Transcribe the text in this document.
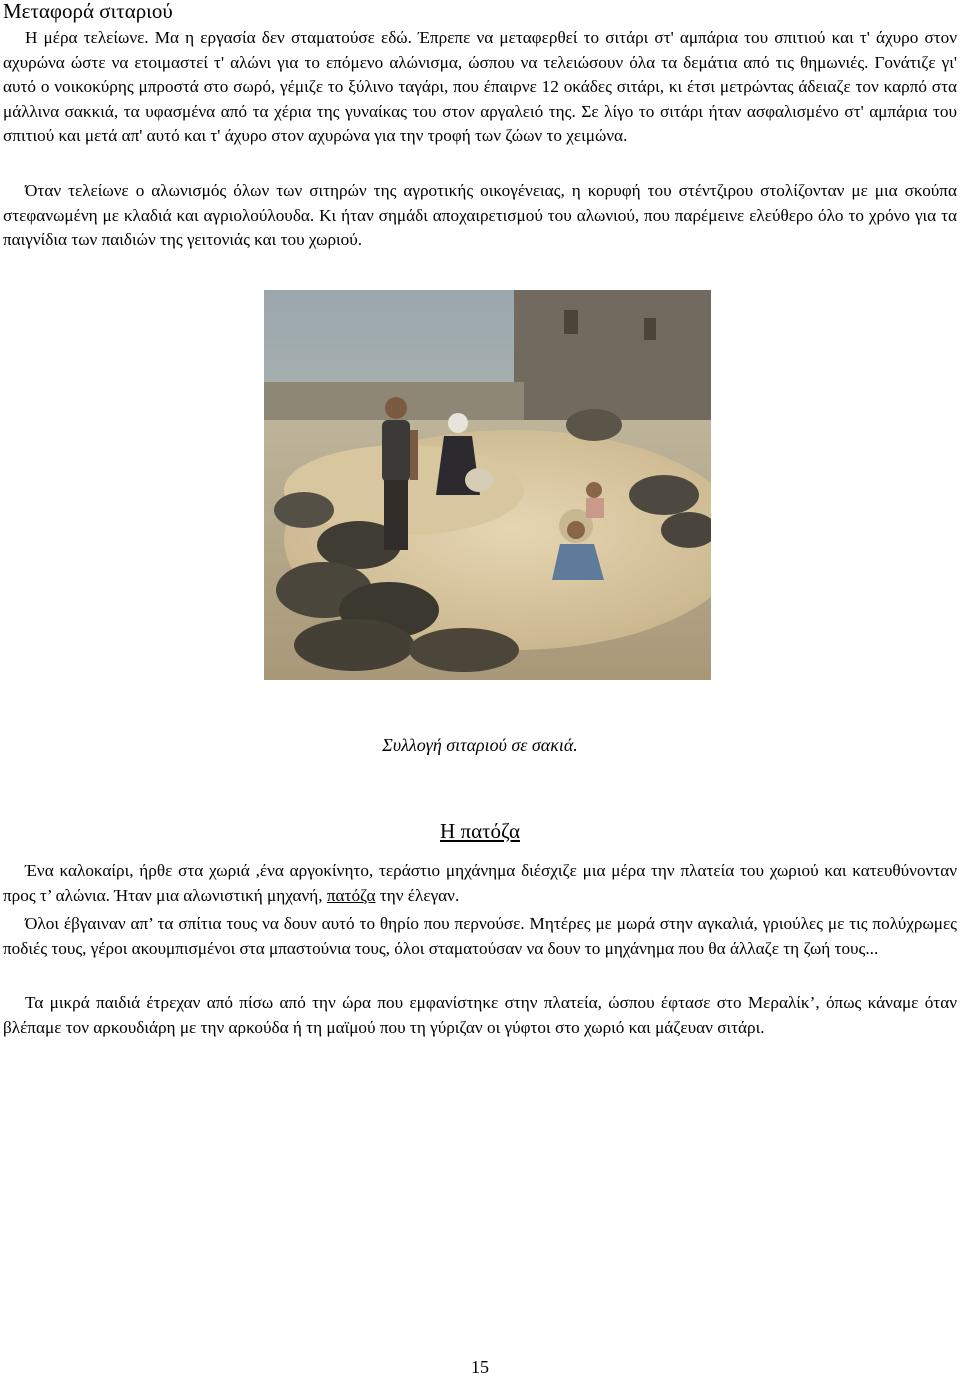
Μεταφορά σιταριού

Η μέρα τελείωνε. Μα η εργασία δεν σταματούσε εδώ. Έπρεπε να μεταφερθεί το σιτάρι στ' αμπάρια του σπιτιού και τ' άχυρο στον αχυρώνα ώστε να ετοιμαστεί τ' αλώνι για το επόμενο αλώνισμα, ώσπου να τελειώσουν όλα τα δεμάτια από τις θημωνιές. Γονάτιζε γι' αυτό ο νοικοκύρης μπροστά στο σωρό, γέμιζε το ξύλινο ταγάρι, που έπαιρνε 12 οκάδες σιτάρι, κι έτσι μετρώντας άδειαζε τον καρπό στα μάλλινα σακκιά, τα υφασμένα από τα χέρια της γυναίκας του στον αργαλειό της. Σε λίγο το σιτάρι ήταν ασφαλισμένο στ' αμπάρια του σπιτιού και μετά απ' αυτό και τ' άχυρο στον αχυρώνα για την τροφή των ζώων το χειμώνα.

Όταν τελείωνε ο αλωνισμός όλων των σιτηρών της αγροτικής οικογένειας, η κορυφή του στέντζιρου στολίζονταν με μια σκούπα στεφανωμένη με κλαδιά και αγριολούλουδα. Κι ήταν σημάδι αποχαιρετισμού του αλωνιού, που παρέμεινε ελεύθερο όλο το χρόνο για τα παιγνίδια των παιδιών της γειτονιάς και του χωριού.

Συλλογή σιταριού σε σακιά.
Η πατόζα

Ένα καλοκαίρι, ήρθε στα χωριά ,ένα αργοκίνητο, τεράστιο μηχάνημα διέσχιζε μια μέρα την πλατεία του χωριού και κατευθύνονταν προς τ’ αλώνια. Ήταν μια αλωνιστική μηχανή, πατόζα την έλεγαν.

Όλοι έβγαιναν απ’ τα σπίτια τους να δουν αυτό το θηρίο που περνούσε. Μητέρες με μωρά στην αγκαλιά, γριούλες με τις πολύχρωμες ποδιές τους, γέροι ακουμπισμένοι στα μπαστούνια τους, όλοι σταματούσαν να δουν το μηχάνημα που θα άλλαζε τη ζωή τους...

Τα μικρά παιδιά έτρεχαν από πίσω από την ώρα που εμφανίστηκε στην πλατεία, ώσπου έφτασε στο Μεραλίκ’, όπως κάναμε όταν βλέπαμε τον αρκουδιάρη με την αρκούδα ή τη μαϊμού που τη γύριζαν οι γύφτοι στο χωριό και μάζευαν σιτάρι.

15
